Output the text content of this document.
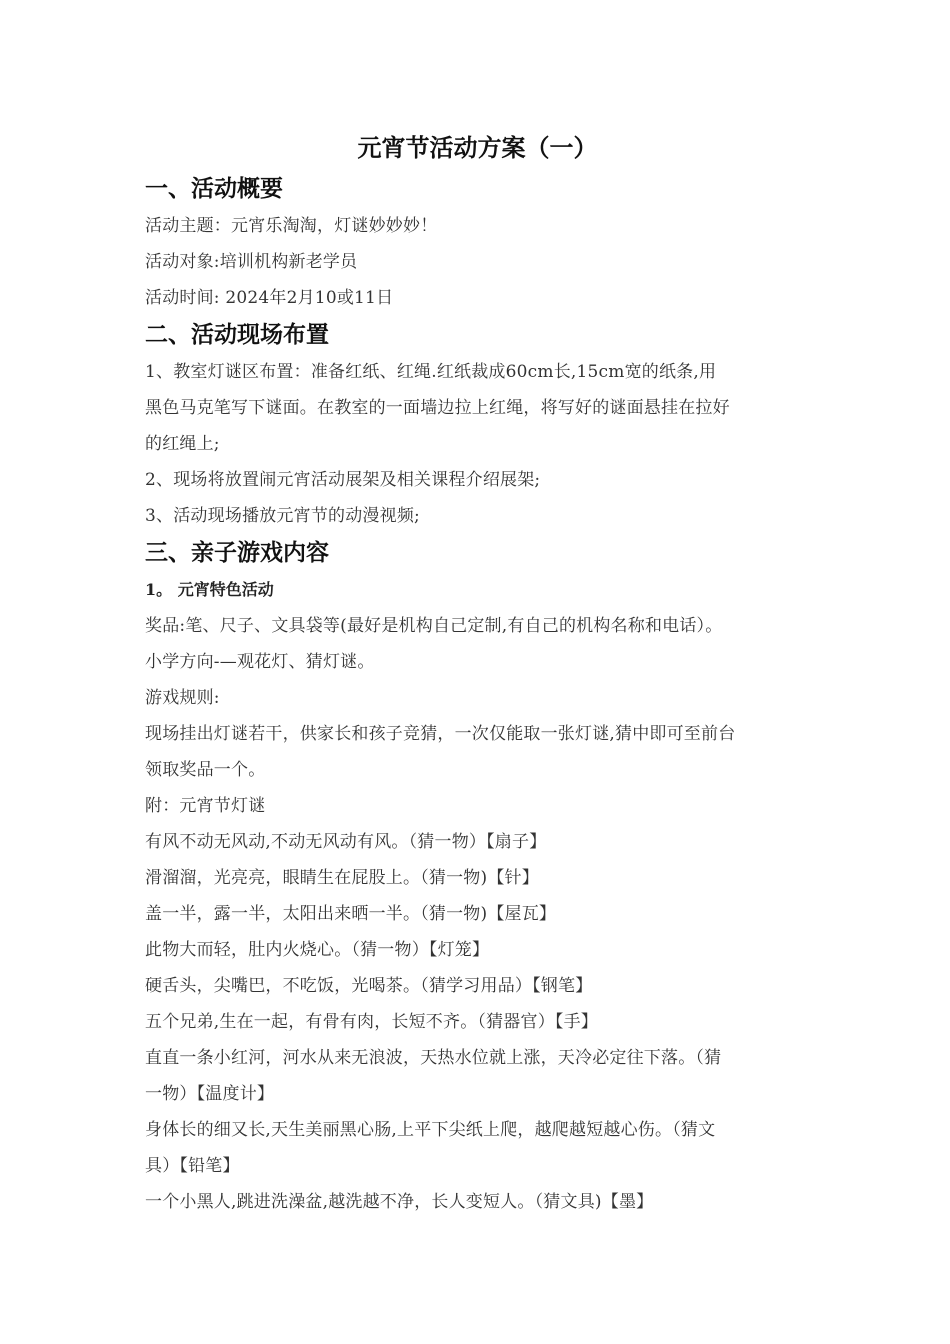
元宵节活动方案（一）
一、活动概要
活动主题：元宵乐淘淘，灯谜妙妙妙！
活动对象:培训机构新老学员
活动时间: 2024年2月10或11日
二、活动现场布置
1、教室灯谜区布置：准备红纸、红绳.红纸裁成60cm长,15cm宽的纸条,用
黑色马克笔写下谜面。在教室的一面墙边拉上红绳，将写好的谜面悬挂在拉好
的红绳上;
2、现场将放置闹元宵活动展架及相关课程介绍展架;
3、活动现场播放元宵节的动漫视频;
三、亲子游戏内容
1。 元宵特色活动
奖品:笔、尺子、文具袋等(最好是机构自己定制,有自己的机构名称和电话）。
小学方向-—观花灯、猜灯谜。
游戏规则:
现场挂出灯谜若干，供家长和孩子竞猜，一次仅能取一张灯谜,猜中即可至前台
领取奖品一个。
附：元宵节灯谜
有风不动无风动,不动无风动有风。（猜一物）【扇子】
滑溜溜，光亮亮，眼睛生在屁股上。（猜一物)【针】
盖一半，露一半，太阳出来晒一半。（猜一物)【屋瓦】
此物大而轻，肚内火烧心。（猜一物）【灯笼】
硬舌头，尖嘴巴，不吃饭，光喝茶。（猜学习用品）【钢笔】
五个兄弟,生在一起，有骨有肉，长短不齐。（猜器官）【手】
直直一条小红河，河水从来无浪波，天热水位就上涨，天冷必定往下落。（猜
一物）【温度计】
身体长的细又长,天生美丽黑心肠,上平下尖纸上爬，越爬越短越心伤。（猜文
具）【铅笔】
一个小黑人,跳进洗澡盆,越洗越不净，长人变短人。（猜文具)【墨】
